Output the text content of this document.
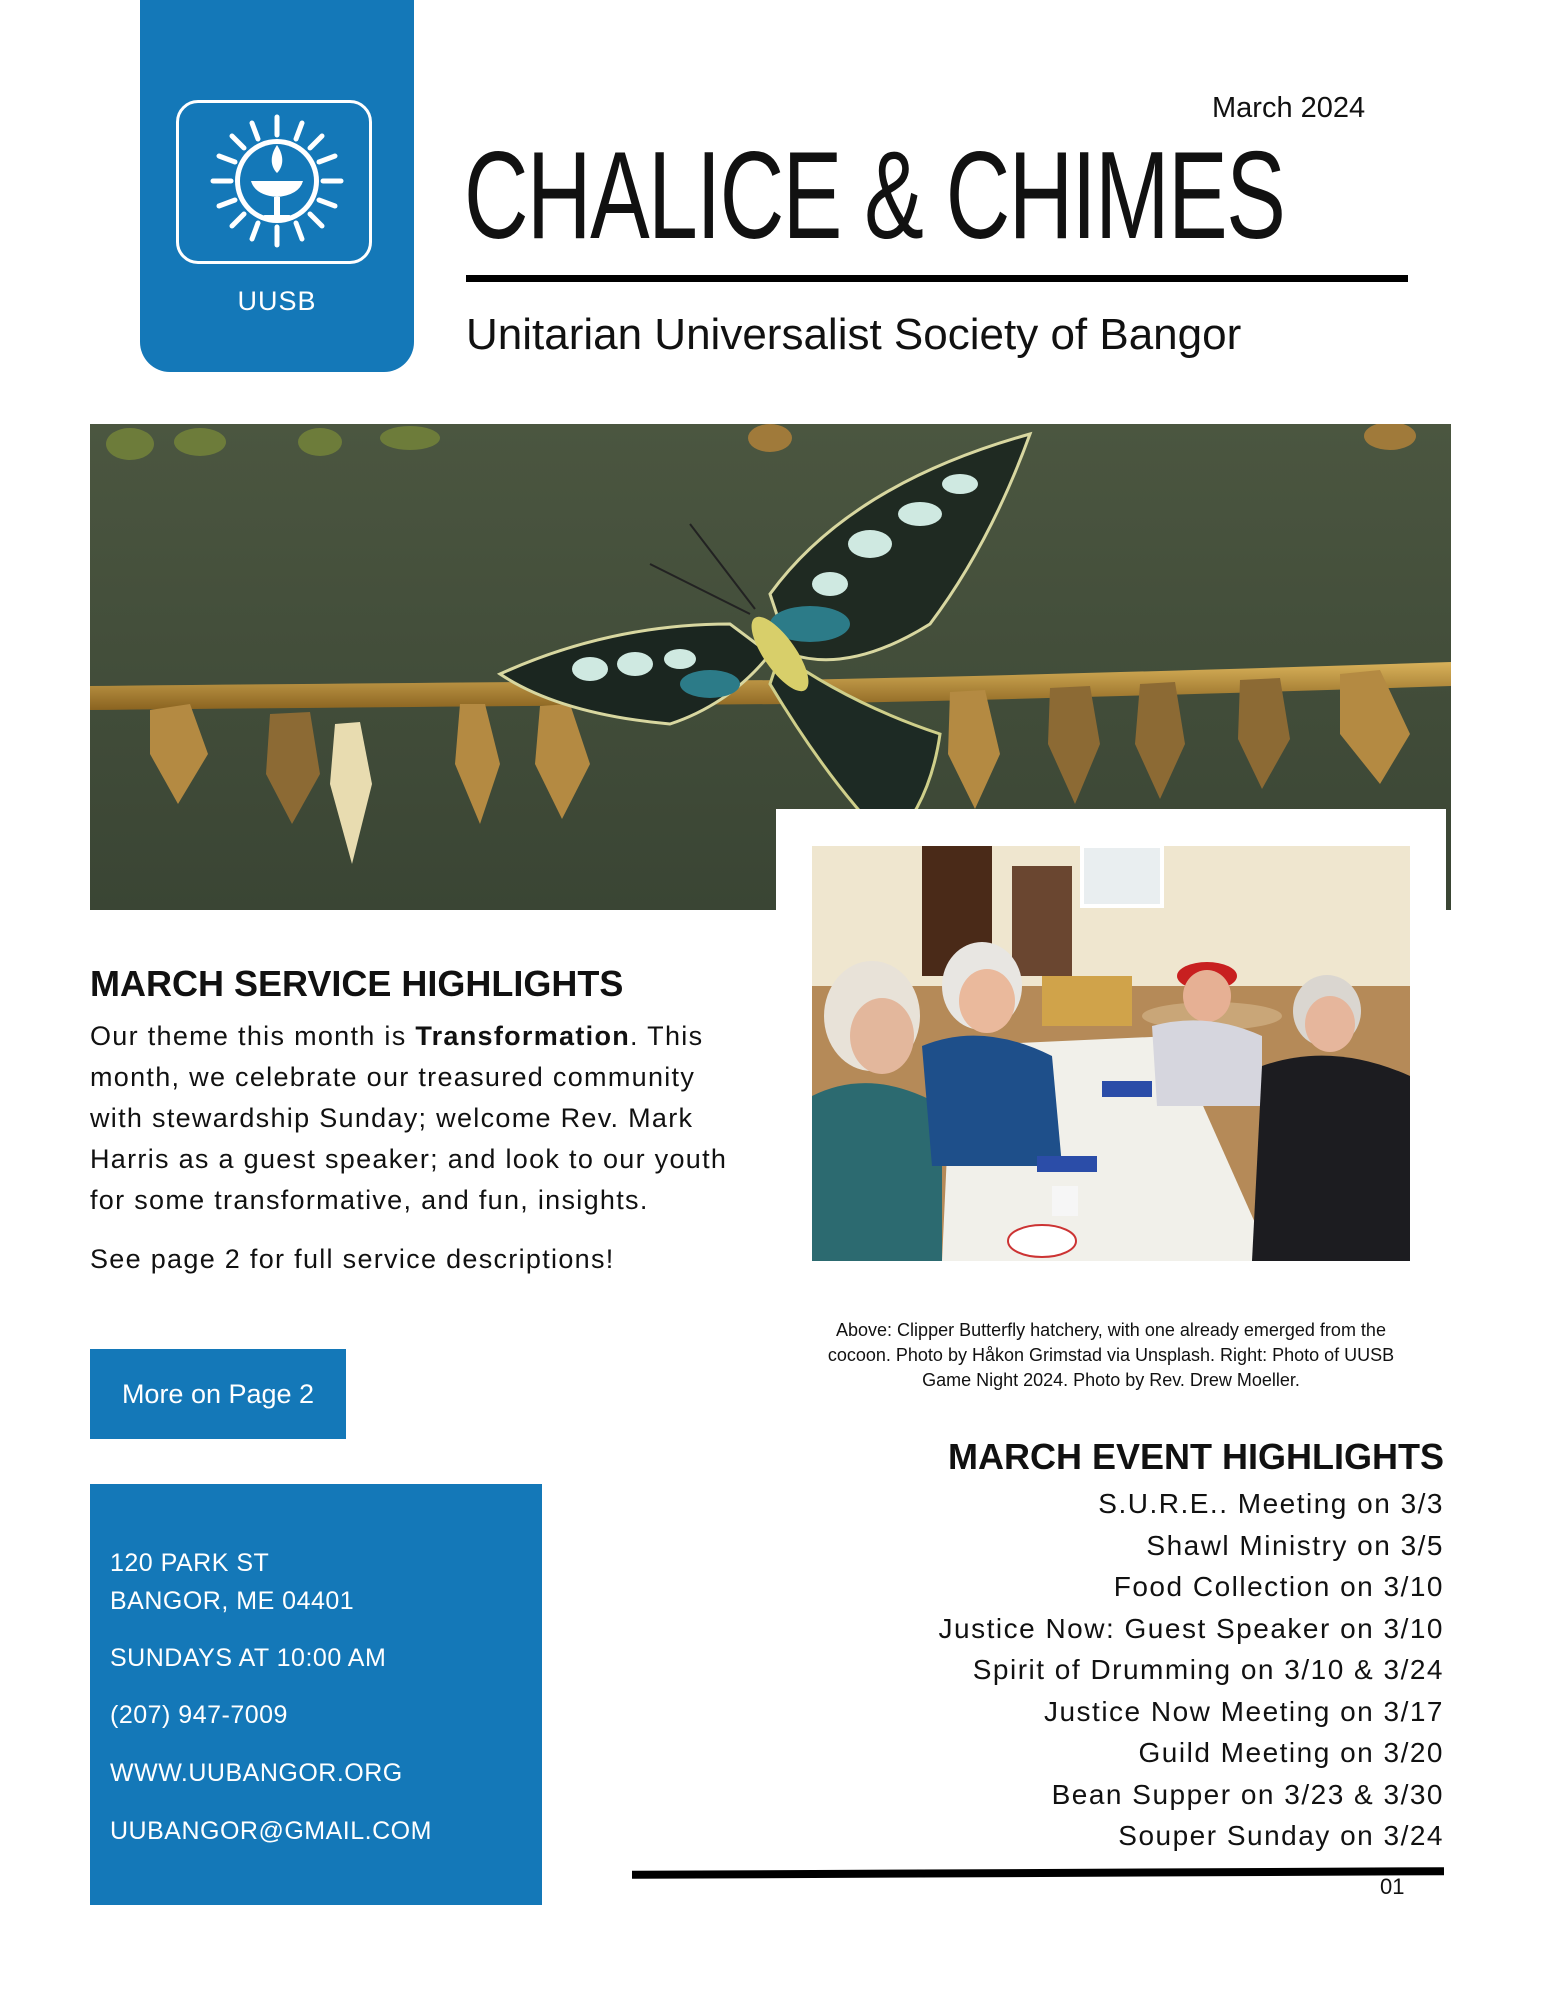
UUSB
March 2024
CHALICE & CHIMES
Unitarian Universalist Society of Bangor
Above: Clipper Butterfly hatchery, with one already emerged from the cocoon. Photo by Håkon Grimstad via Unsplash. Right: Photo of UUSB Game Night 2024. Photo by Rev. Drew Moeller.
MARCH SERVICE HIGHLIGHTS

Our theme this month is Transformation. This month, we celebrate our treasured community with stewardship Sunday; welcome Rev. Mark Harris as a guest speaker; and look to our youth for some transformative, and fun, insights.

See page 2 for full service descriptions!

More on Page 2
120 PARK ST
BANGOR, ME 04401
SUNDAYS AT 10:00 AM
(207) 947-7009
WWW.UUBANGOR.ORG
UUBANGOR@GMAIL.COM
MARCH EVENT HIGHLIGHTS
S.U.R.E.. Meeting on 3/3
Shawl Ministry on 3/5
Food Collection on 3/10
Justice Now: Guest Speaker on 3/10
Spirit of Drumming on 3/10 & 3/24
Justice Now Meeting on 3/17
Guild Meeting on 3/20
Bean Supper on 3/23 & 3/30
Souper Sunday on 3/24
01
